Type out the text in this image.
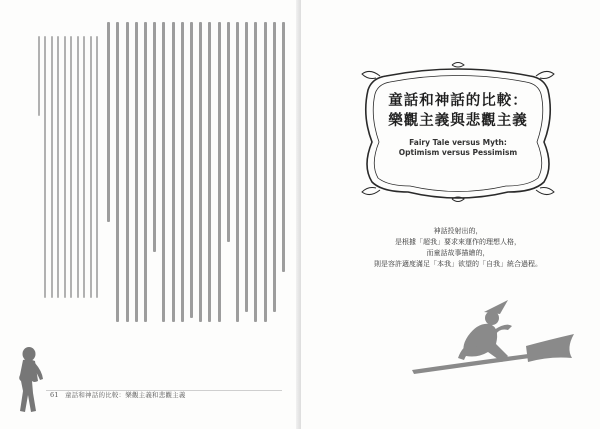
61 童話和神話的比較：樂觀主義和悲觀主義
童話和神話的比較：
樂觀主義與悲觀主義
Fairy Tale versus Myth:
Optimism versus Pessimism
神話投射出的，
是根據「超我」要求來運作的理想人格，
而童話故事描繪的，
則是容許適度滿足「本我」欲望的「自我」統合過程。
